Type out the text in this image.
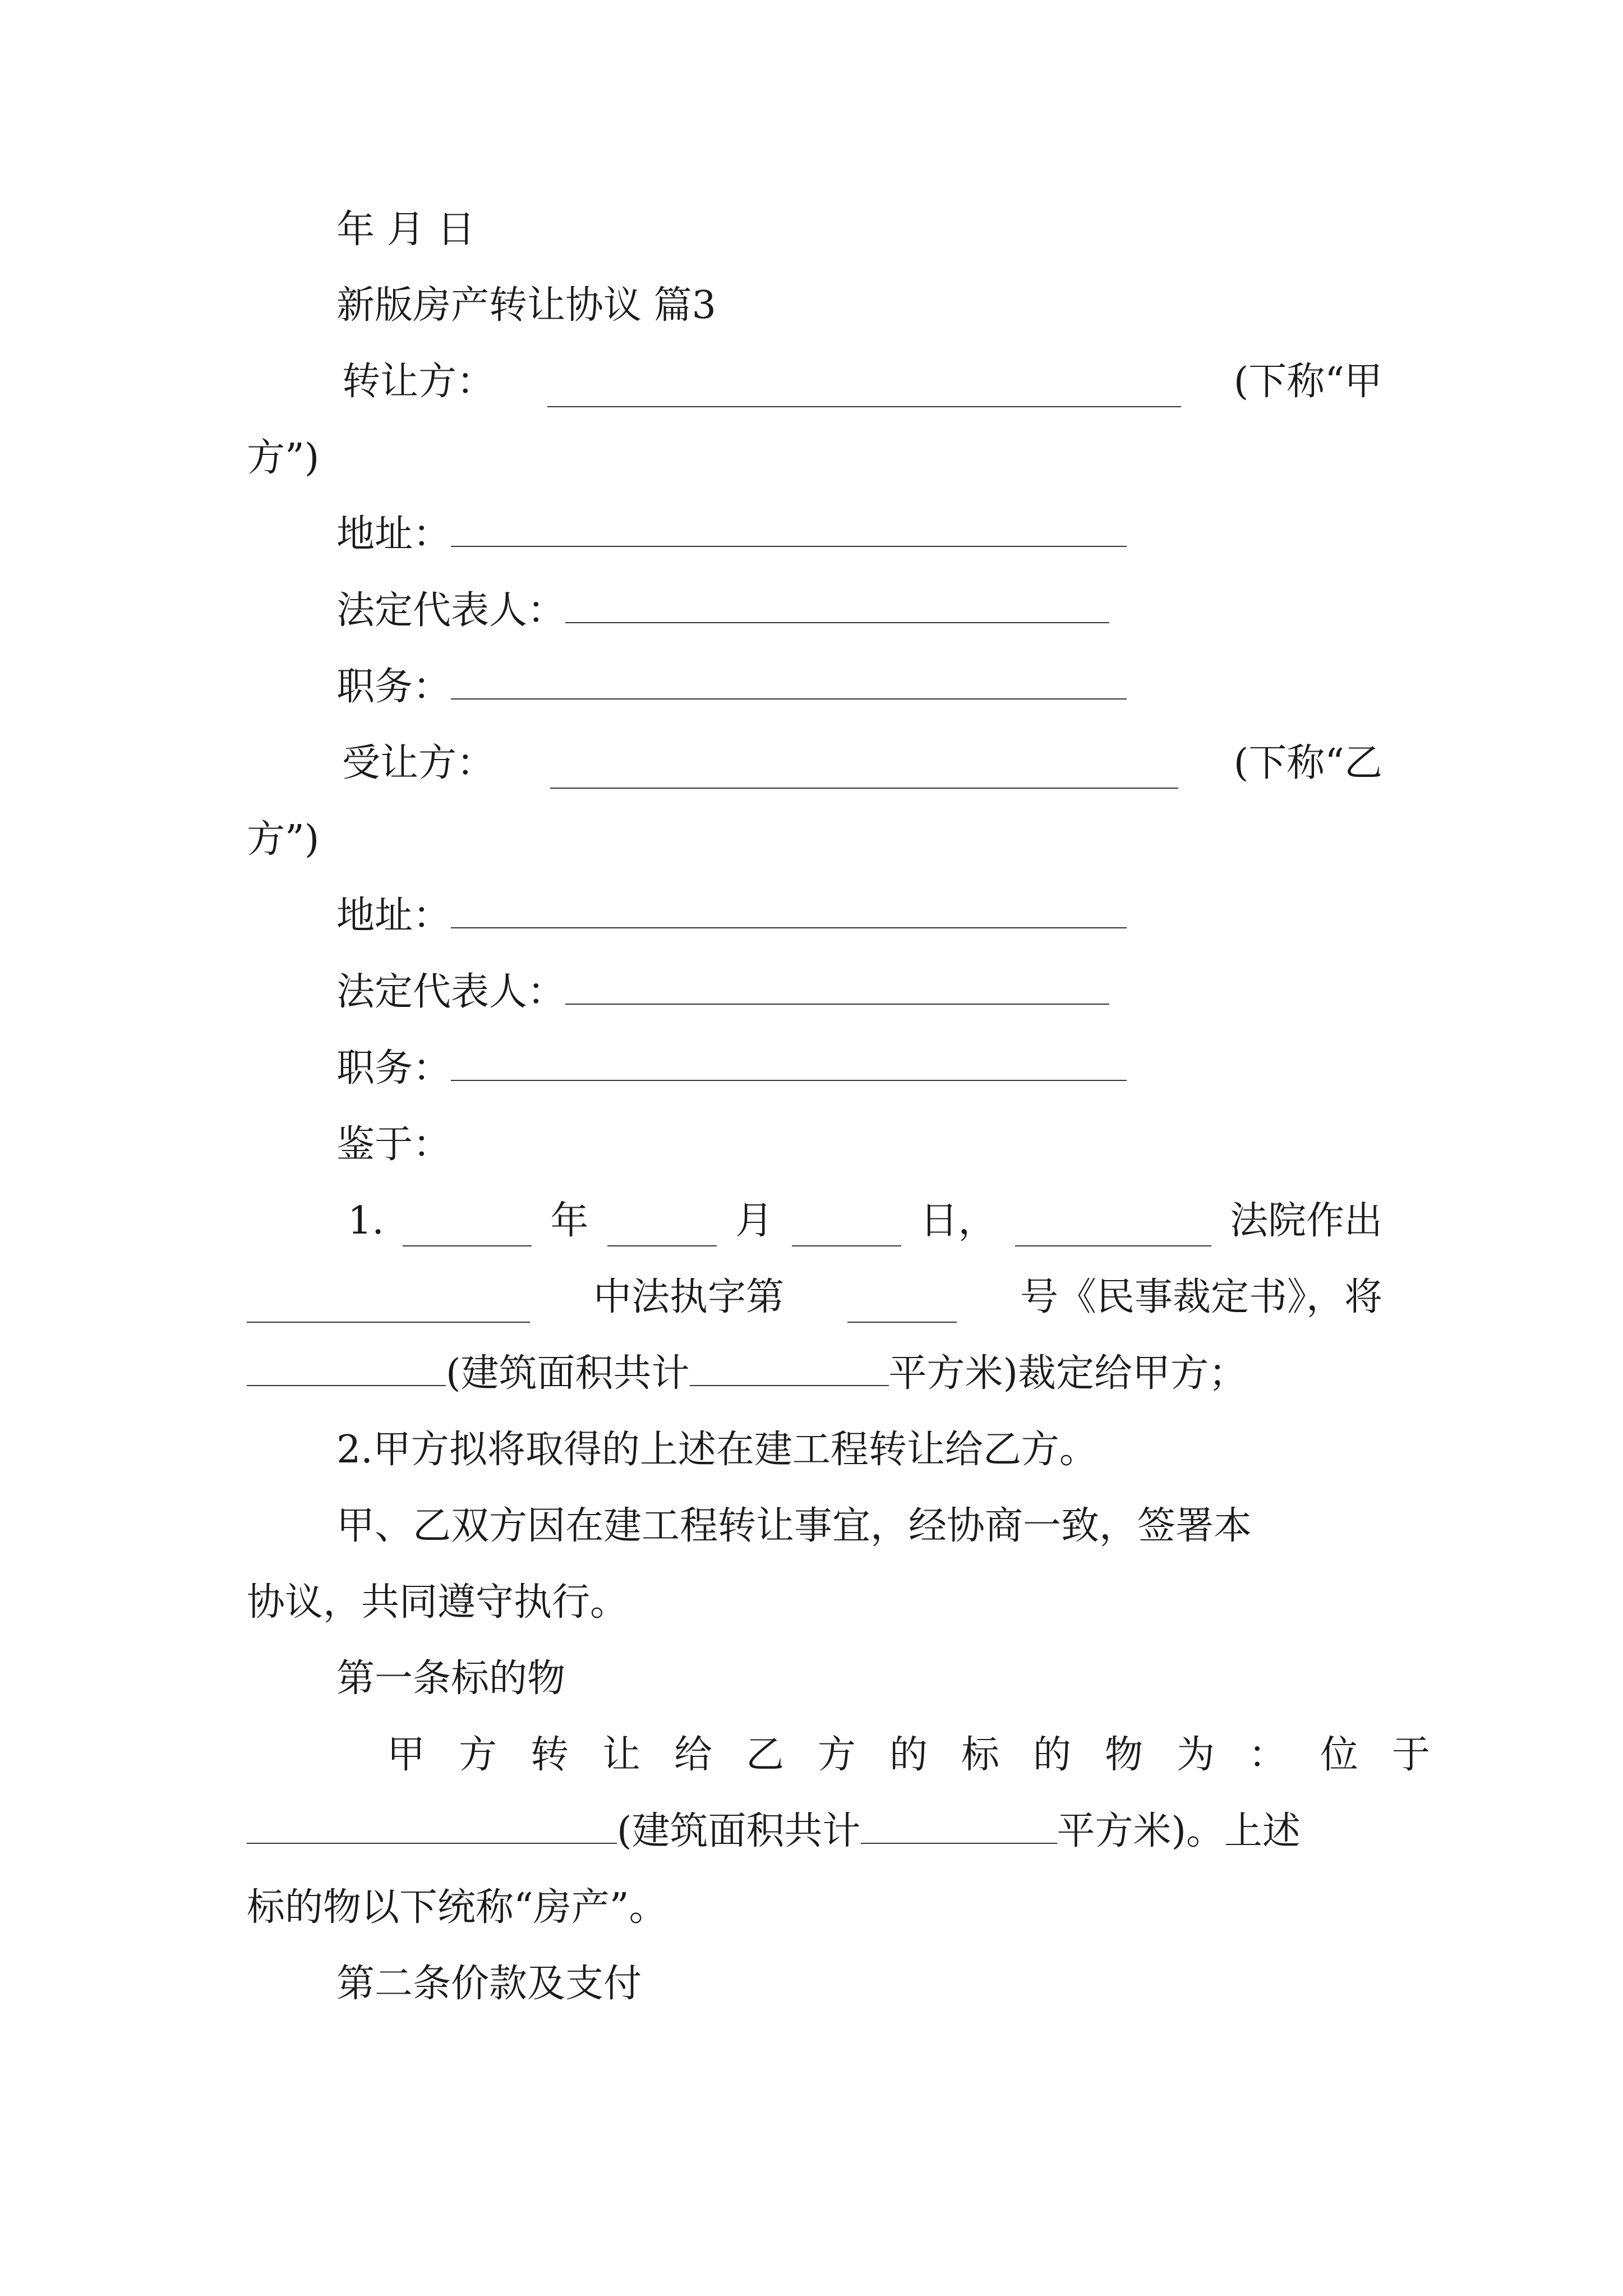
年 月 日
新版房产转让协议 篇3
转让方：	(下称“甲
方”)
地址：
法定代表人：
职务：
受让方：	(下称“乙
方”)
地址：
法定代表人：
职务：
鉴于：
1.	年	月	日，	法院作出
中法执字第	号《民事裁定书》，将
(建筑面积共计	平方米)裁定给甲方；
2.甲方拟将取得的上述在建工程转让给乙方。
甲、乙双方因在建工程转让事宜，经协商一致，签署本
协议，共同遵守执行。
第一条标的物
甲方转让给乙方的标的物为：位于
(建筑面积共计	平方米)。上述
标的物以下统称“房产”。
第二条价款及支付
